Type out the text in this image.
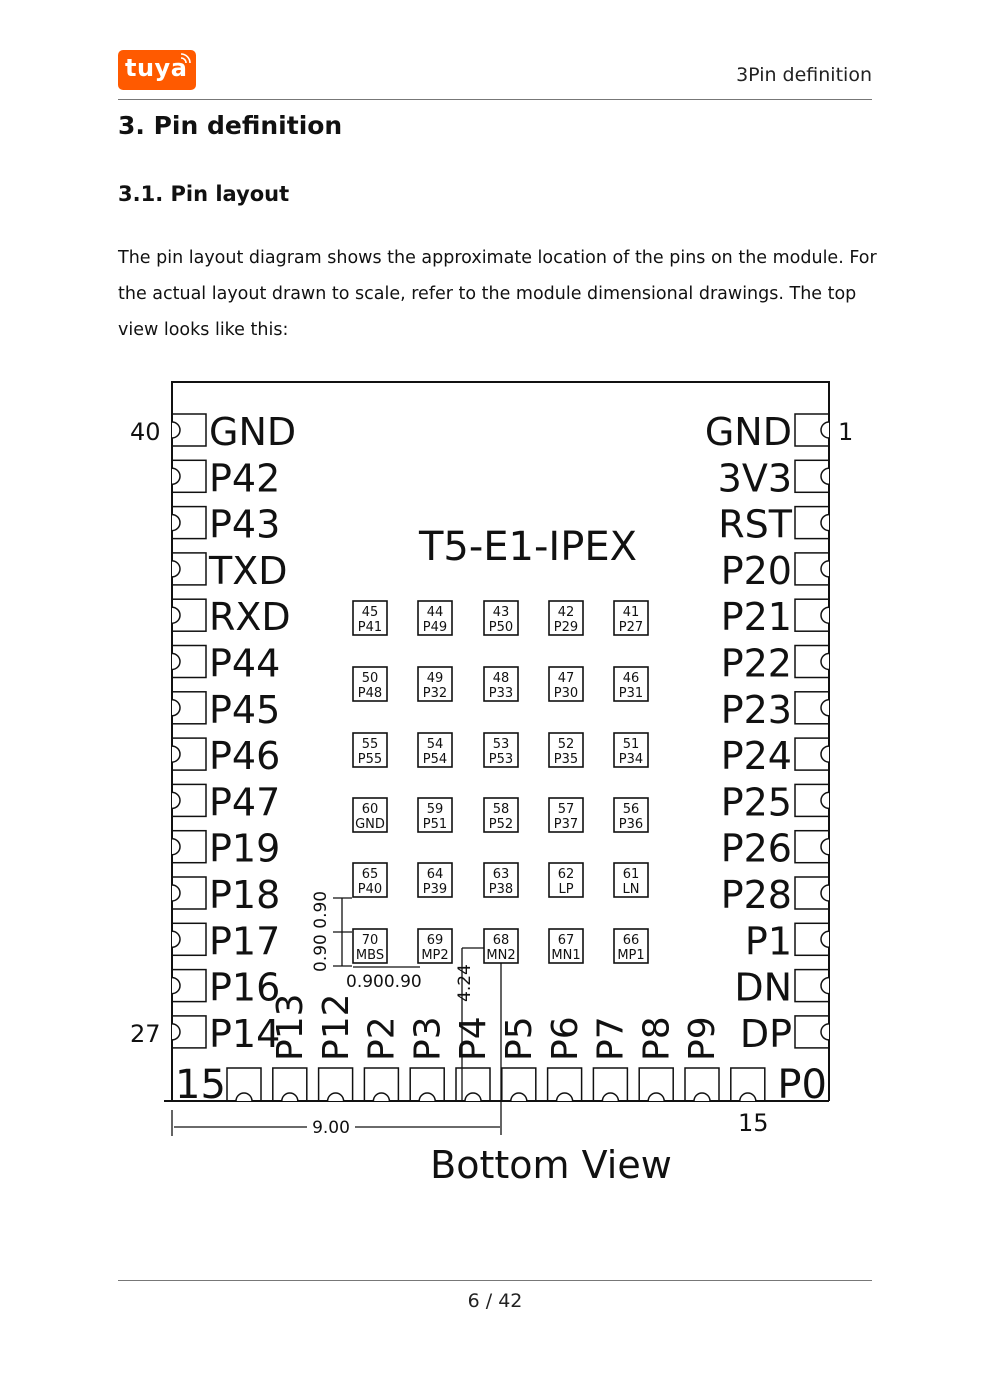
tuya	3Pin definition
3. Pin definition
3.1. Pin layout

The pin layout diagram shows the approximate location of the pins on the module. For the actual layout drawn to scale, refer to the module dimensional drawings. The top view looks like this:

GND
P42
P43
TXD
RXD
P44
P45
P46
P47
P19
P18
P17
P16
P14
40
27
GND
3V3
RST
P20
P21
P22
P23
P24
P25
P26
P28
P1
DN
DP
1
T5-E1-IPEX
45
P41
44
P49
43
P50
42
P29
41
P27
50
P48
49
P32
48
P33
47
P30
46
P31
55
P55
54
P54
53
P53
52
P35
51
P34
60
GND
59
P51
58
P52
57
P37
56
P36
65
P40
64
P39
63
P38
62
LP
61
LN
70
MBS
69
MP2
68
MN2
67
MN1
66
MP1
P13 P12 P2 P3 P4 P5 P6 P7 P8 P9
15	P0
15
0.90 0.90
0.900.90 4.24
9.00
Bottom View
6 / 42
